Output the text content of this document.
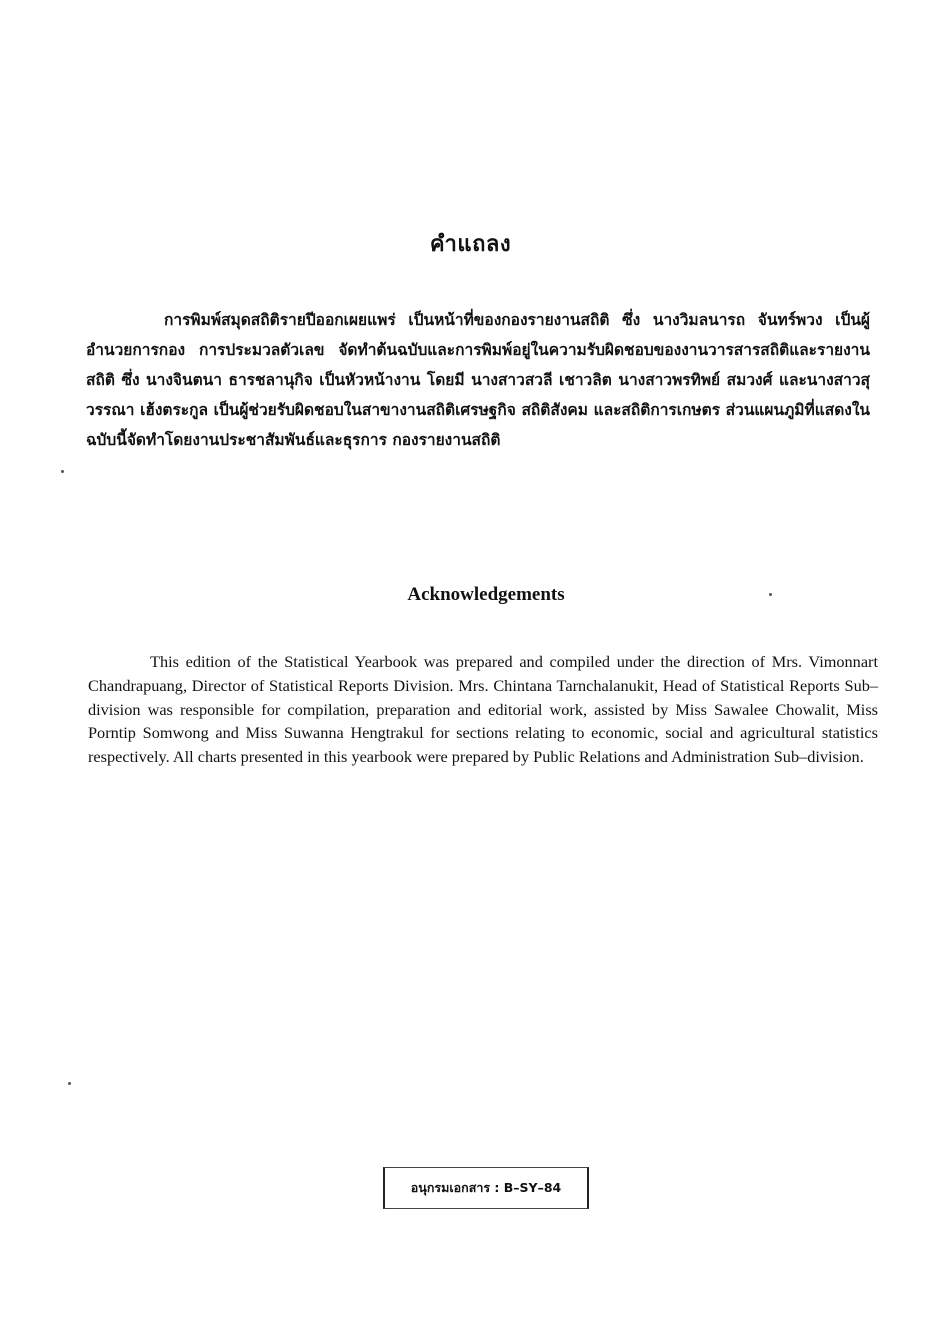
คำแถลง

การพิมพ์สมุดสถิติรายปีออกเผยแพร่ เป็นหน้าที่ของกองรายงานสถิติ ซึ่ง นางวิมลนารถ จันทร์พวง เป็นผู้อำนวยการกอง การประมวลตัวเลข จัดทำต้นฉบับและการพิมพ์อยู่ในความรับผิดชอบของงานวารสารสถิติและรายงานสถิติ ซึ่ง นางจินตนา ธารชลานุกิจ เป็นหัวหน้างาน โดยมี นางสาวสวลี เชาวลิต นางสาวพรทิพย์ สมวงศ์ และนางสาวสุวรรณา เฮ้งตระกูล เป็นผู้ช่วยรับผิดชอบในสาขางานสถิติเศรษฐกิจ สถิติสังคม และสถิติการเกษตร ส่วนแผนภูมิที่แสดงในฉบับนี้จัดทำโดยงานประชาสัมพันธ์และธุรการ กองรายงานสถิติ

Acknowledgements

This edition of the Statistical Yearbook was prepared and compiled under the direction of Mrs. Vimonnart Chandrapuang, Director of Statistical Reports Division. Mrs. Chintana Tarnchalanukit, Head of Statistical Reports Sub–division was responsible for compilation, preparation and editorial work, assisted by Miss Sawalee Chowalit, Miss Porntip Somwong and Miss Suwanna Hengtrakul for sections relating to economic, social and agricultural statistics respectively. All charts presented in this yearbook were prepared by Public Relations and Administration Sub–division.

อนุกรมเอกสาร : B–SY–84
